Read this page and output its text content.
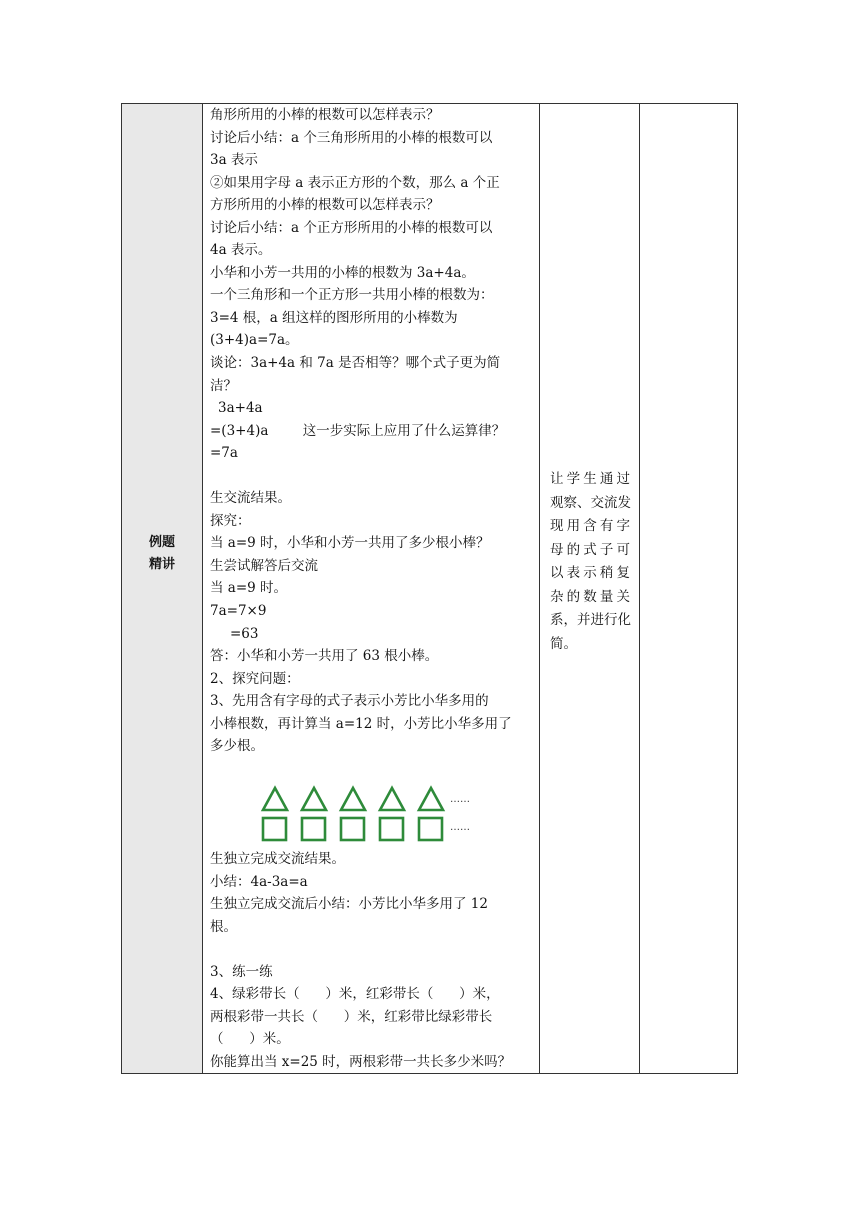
例题
精讲
角形所用的小棒的根数可以怎样表示？
讨论后小结：a 个三角形所用的小棒的根数可以
3a 表示
②如果用字母 a 表示正方形的个数，那么 a 个正
方形所用的小棒的根数可以怎样表示？
讨论后小结：a 个正方形所用的小棒的根数可以
4a 表示。
小华和小芳一共用的小棒的根数为 3a+4a。
一个三角形和一个正方形一共用小棒的根数为：
3=4 根，a 组这样的图形所用的小棒数为
(3+4)a=7a。
谈论：3a+4a 和 7a 是否相等？哪个式子更为简
洁？
3a+4a
=(3+4)a        这一步实际上应用了什么运算律？
=7a
生交流结果。
探究：
当 a=9 时，小华和小芳一共用了多少根小棒？
生尝试解答后交流
当 a=9 时。
7a=7×9
=63
答：小华和小芳一共用了 63 根小棒。
2、探究问题：
3、先用含有字母的式子表示小芳比小华多用的
小棒根数，再计算当 a=12 时，小芳比小华多用了
多少根。
生独立完成交流结果。
小结：4a-3a=a
生独立完成交流后小结：小芳比小华多用了 12
根。
3、练一练
4、绿彩带长（      ）米，红彩带长（      ）米，
两根彩带一共长（      ）米，红彩带比绿彩带长
（      ）米。
你能算出当 x=25 时，两根彩带一共长多少米吗？
让学生通过
观察、交流发
现用含有字
母的式子可
以表示稍复
杂的数量关
系，并进行化
简。
……
……
